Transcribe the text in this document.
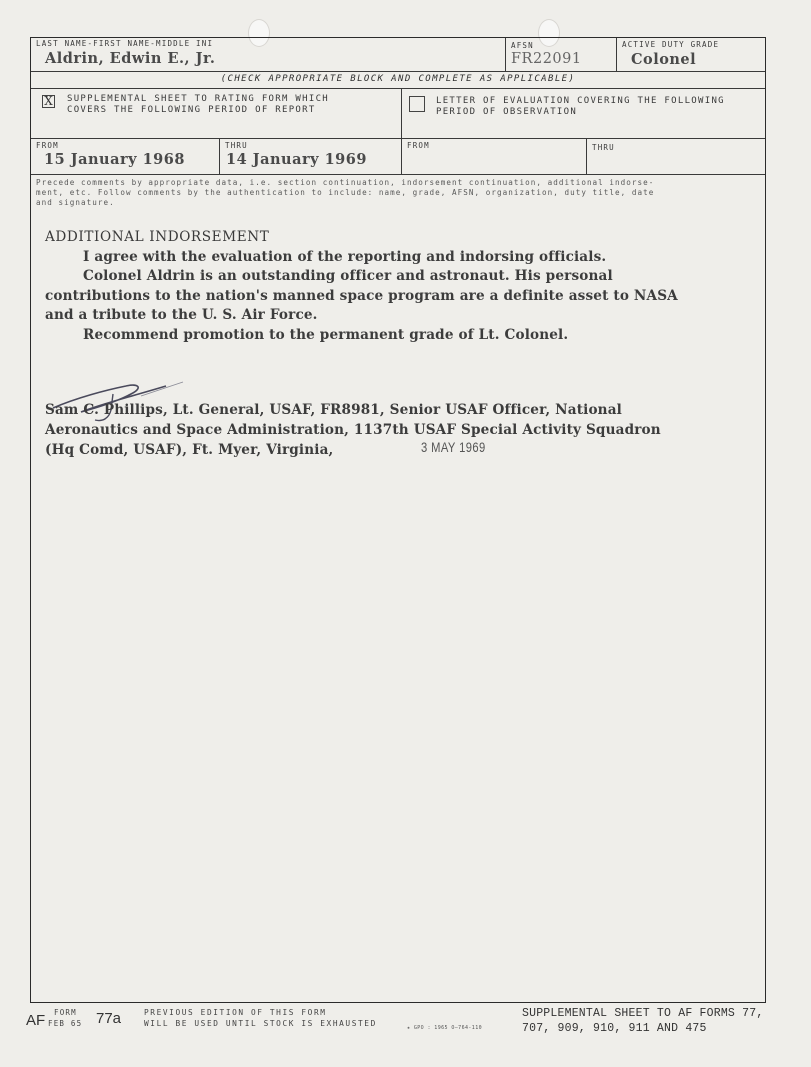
LAST NAME-FIRST NAME-MIDDLE INI
Aldrin, Edwin E., Jr.
AFSN
FR22091
ACTIVE DUTY GRADE
Colonel
(CHECK APPROPRIATE BLOCK AND COMPLETE AS APPLICABLE)
X SUPPLEMENTAL SHEET TO RATING FORM WHICH
COVERS THE FOLLOWING PERIOD OF REPORT
LETTER OF EVALUATION COVERING THE FOLLOWING
PERIOD OF OBSERVATION
FROM
15 January 1968
THRU
14 January 1969
FROM	THRU
Precede comments by appropriate data, i.e. section continuation, indorsement continuation, additional indorse-
ment, etc. Follow comments by the authentication to include: name, grade, AFSN, organization, duty title, date
and signature.

ADDITIONAL INDORSEMENT

I agree with the evaluation of the reporting and indorsing officials.

Colonel Aldrin is an outstanding officer and astronaut. His personal

contributions to the nation's manned space program are a definite asset to NASA

and a tribute to the U. S. Air Force.

Recommend promotion to the permanent grade of Lt. Colonel.

Sam C. Phillips, Lt. General, USAF, FR8981, Senior USAF Officer, National
Aeronautics and Space Administration, 1137th USAF Special Activity Squadron
(Hq Comd, USAF), Ft. Myer, Virginia,	3 MAY 1969
AF FORM
FEB 65 77a	PREVIOUS EDITION OF THIS FORM
WILL BE USED UNTIL STOCK IS EXHAUSTED	★ GPO : 1965 O—764-110
SUPPLEMENTAL SHEET TO AF FORMS 77,
707, 909, 910, 911 AND 475
